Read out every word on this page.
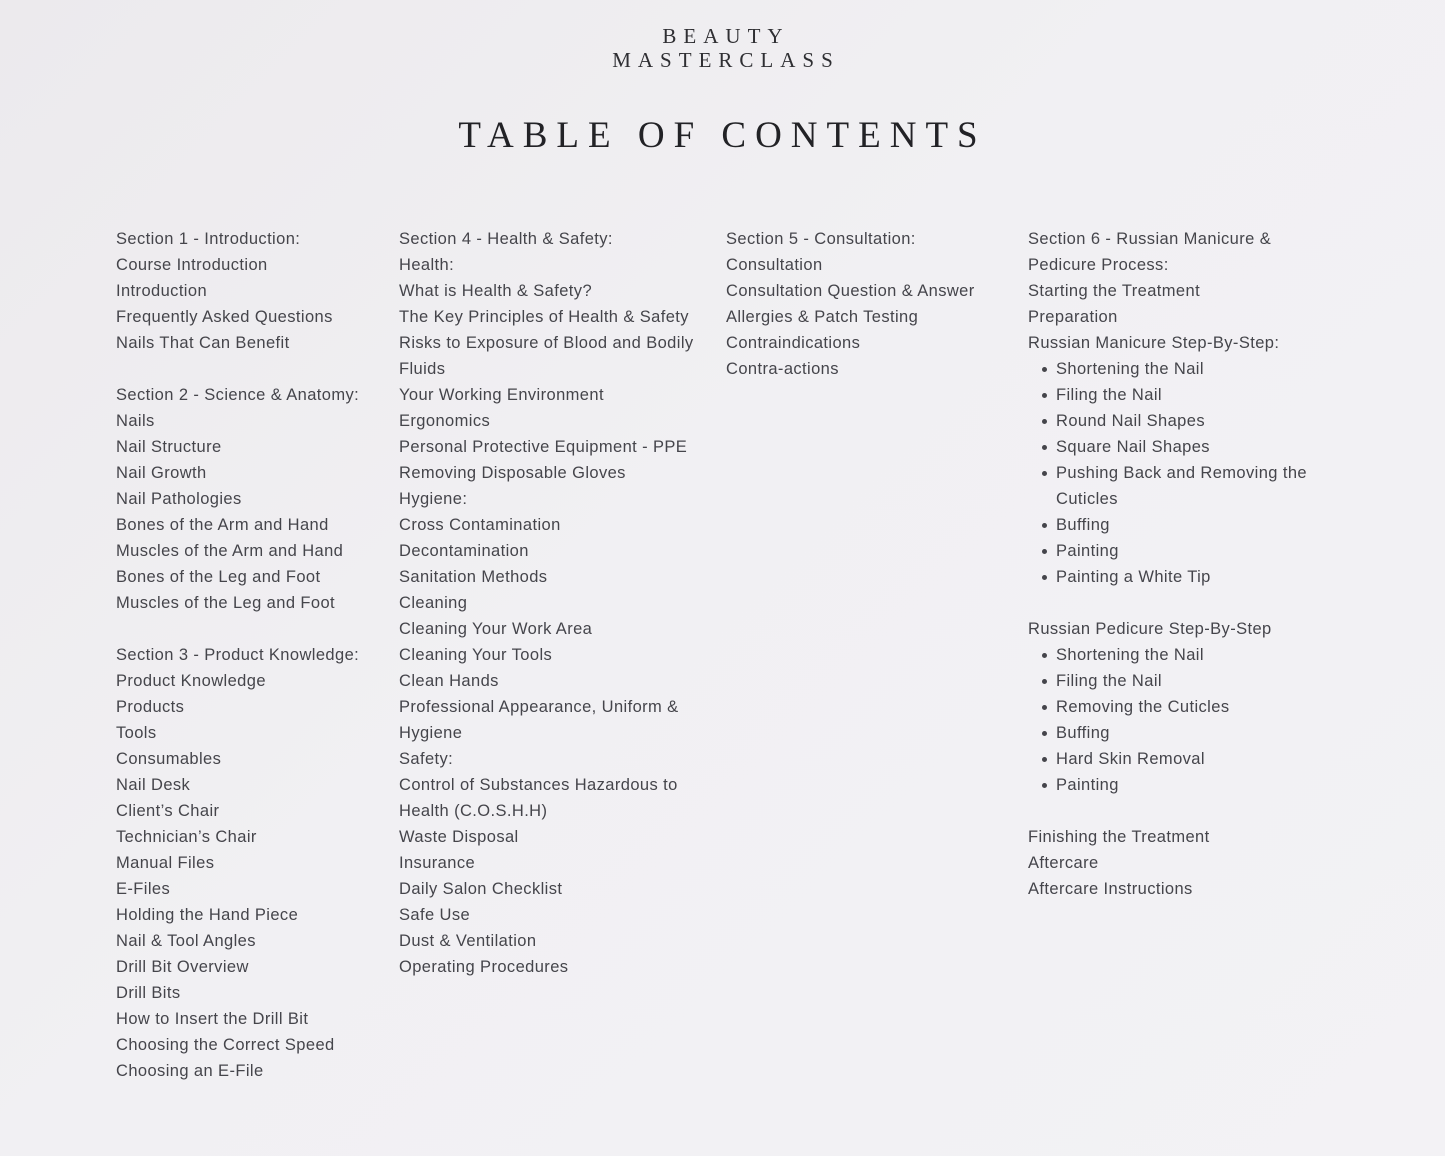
BEAUTY
MASTERCLASS
TABLE OF CONTENTS
Section 1 - Introduction:
Course Introduction
Introduction
Frequently Asked Questions
Nails That Can Benefit
Section 2 - Science & Anatomy:
Nails
Nail Structure
Nail Growth
Nail Pathologies
Bones of the Arm and Hand
Muscles of the Arm and Hand
Bones of the Leg and Foot
Muscles of the Leg and Foot
Section 3 - Product Knowledge:
Product Knowledge
Products
Tools
Consumables
Nail Desk
Client’s Chair
Technician’s Chair
Manual Files
E-Files
Holding the Hand Piece
Nail & Tool Angles
Drill Bit Overview
Drill Bits
How to Insert the Drill Bit
Choosing the Correct Speed
Choosing an E-File
Section 4 - Health & Safety:
Health:
What is Health & Safety?
The Key Principles of Health & Safety
Risks to Exposure of Blood and Bodily
Fluids
Your Working Environment
Ergonomics
Personal Protective Equipment - PPE
Removing Disposable Gloves
Hygiene:
Cross Contamination
Decontamination
Sanitation Methods
Cleaning
Cleaning Your Work Area
Cleaning Your Tools
Clean Hands
Professional Appearance, Uniform &
Hygiene
Safety:
Control of Substances Hazardous to
Health (C.O.S.H.H)
Waste Disposal
Insurance
Daily Salon Checklist
Safe Use
Dust & Ventilation
Operating Procedures
Section 5 - Consultation:
Consultation
Consultation Question & Answer
Allergies & Patch Testing
Contraindications
Contra-actions
Section 6 - Russian Manicure &
Pedicure Process:
Starting the Treatment
Preparation
Russian Manicure Step-By-Step:
Shortening the Nail
Filing the Nail
Round Nail Shapes
Square Nail Shapes
Pushing Back and Removing the
Cuticles
Buffing
Painting
Painting a White Tip
Russian Pedicure Step-By-Step
Shortening the Nail
Filing the Nail
Removing the Cuticles
Buffing
Hard Skin Removal
Painting
Finishing the Treatment
Aftercare
Aftercare Instructions
